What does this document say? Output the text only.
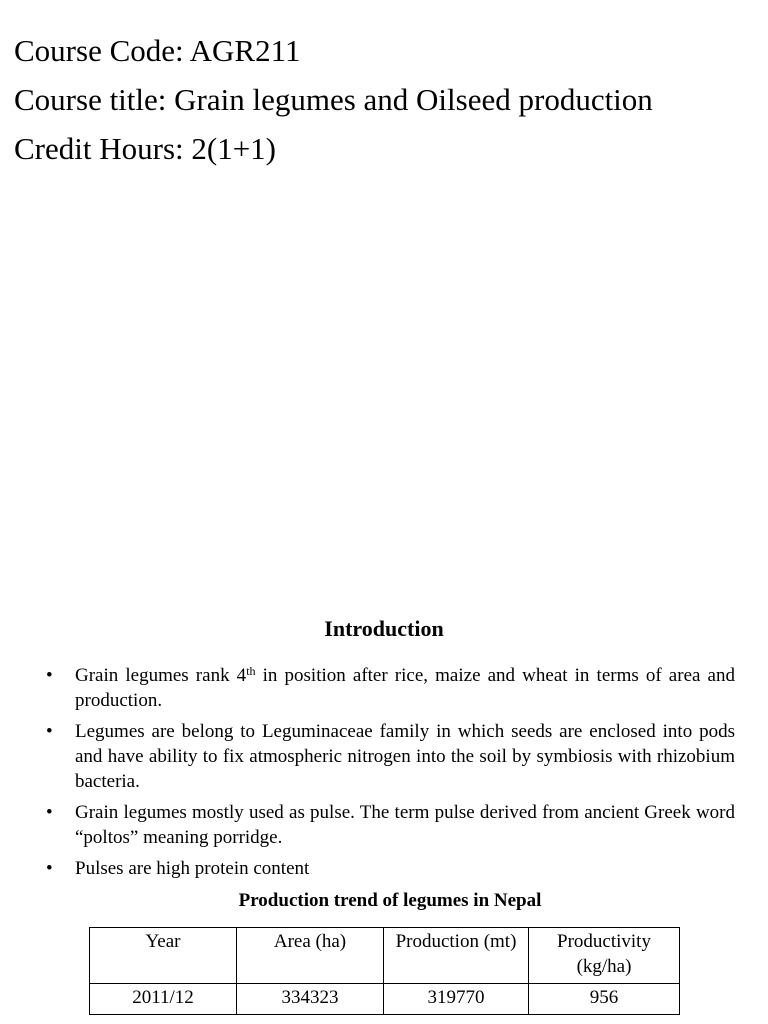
Course Code: AGR211
Course title: Grain legumes and Oilseed production
Credit Hours: 2(1+1)
Introduction
• Grain legumes rank 4th in position after rice, maize and wheat in terms of area and production.
• Legumes are belong to Leguminaceae family in which seeds are enclosed into pods and have ability to fix atmospheric nitrogen into the soil by symbiosis with rhizobium bacteria.
• Grain legumes mostly used as pulse. The term pulse derived from ancient Greek word “poltos” meaning porridge.
• Pulses are high protein content
Production trend of legumes in Nepal
Year	Area (ha)	Production (mt)	Productivity (kg/ha)
2011/12	334323	319770	956
